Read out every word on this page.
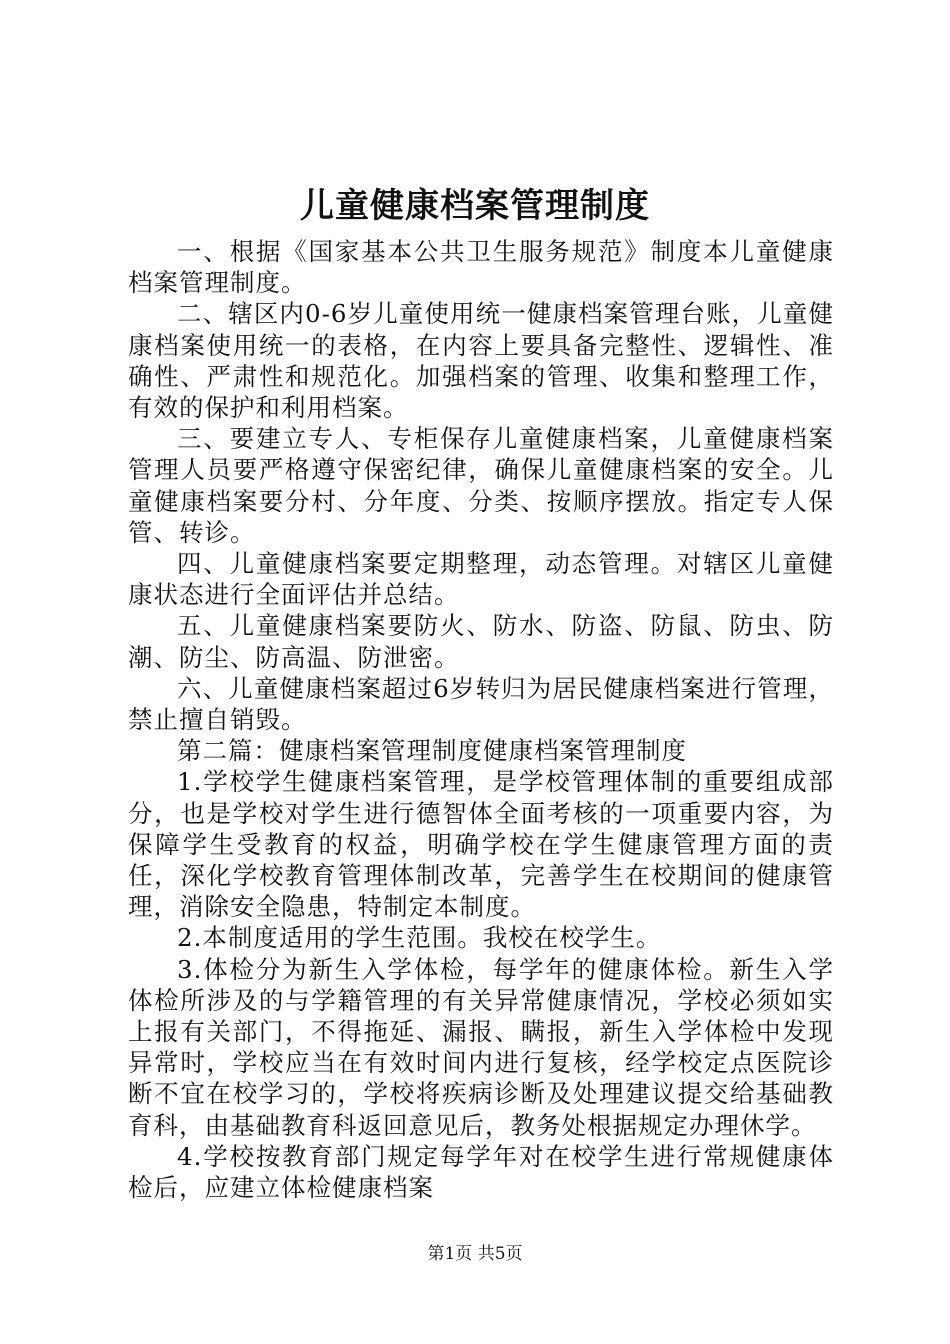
儿童健康档案管理制度

一、根据《国家基本公共卫生服务规范》制度本儿童健康档案管理制度。

二、辖区内0-6岁儿童使用统一健康档案管理台账，儿童健康档案使用统一的表格，在内容上要具备完整性、逻辑性、准确性、严肃性和规范化。加强档案的管理、收集和整理工作，有效的保护和利用档案。

三、要建立专人、专柜保存儿童健康档案，儿童健康档案管理人员要严格遵守保密纪律，确保儿童健康档案的安全。儿童健康档案要分村、分年度、分类、按顺序摆放。指定专人保管、转诊。

四、儿童健康档案要定期整理，动态管理。对辖区儿童健康状态进行全面评估并总结。

五、儿童健康档案要防火、防水、防盗、防鼠、防虫、防潮、防尘、防高温、防泄密。

六、儿童健康档案超过6岁转归为居民健康档案进行管理，禁止擅自销毁。

第二篇：健康档案管理制度健康档案管理制度

1.学校学生健康档案管理，是学校管理体制的重要组成部分，也是学校对学生进行德智体全面考核的一项重要内容，为保障学生受教育的权益，明确学校在学生健康管理方面的责任，深化学校教育管理体制改革，完善学生在校期间的健康管理，消除安全隐患，特制定本制度。

2.本制度适用的学生范围。我校在校学生。

3.体检分为新生入学体检，每学年的健康体检。新生入学体检所涉及的与学籍管理的有关异常健康情况，学校必须如实上报有关部门，不得拖延、漏报、瞒报，新生入学体检中发现异常时，学校应当在有效时间内进行复核，经学校定点医院诊断不宜在校学习的，学校将疾病诊断及处理建议提交给基础教育科，由基础教育科返回意见后，教务处根据规定办理休学。

4.学校按教育部门规定每学年对在校学生进行常规健康体检后，应建立体检健康档案

第1页 共5页
